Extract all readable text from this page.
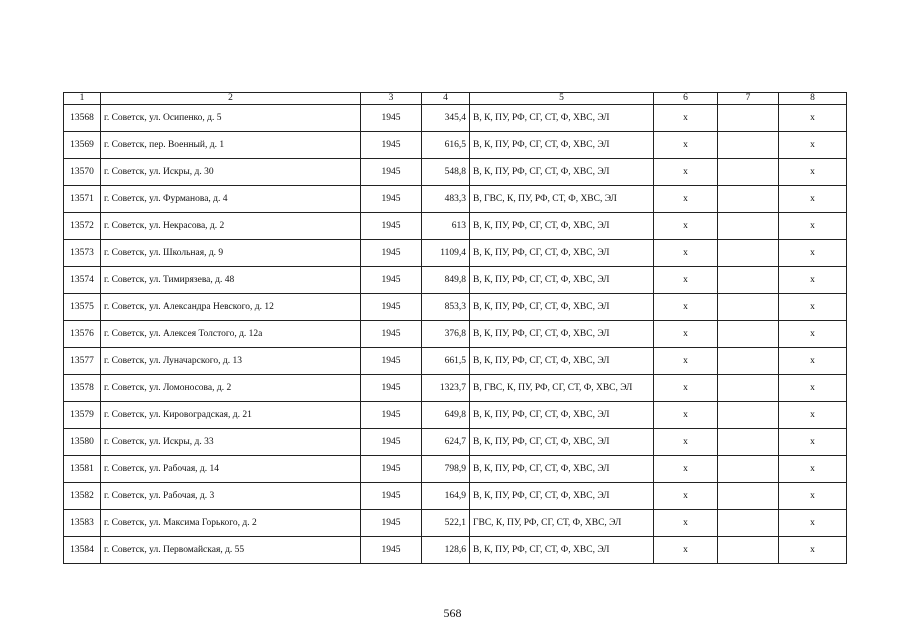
1	2	3	4	5	6	7	8
13568	г. Советск, ул. Осипенко, д. 5	1945	345,4	В, К, ПУ, РФ, СГ, СТ, Ф, ХВС, ЭЛ	х		х
13569	г. Советск, пер. Военный, д. 1	1945	616,5	В, К, ПУ, РФ, СГ, СТ, Ф, ХВС, ЭЛ	х		х
13570	г. Советск, ул. Искры, д. 30	1945	548,8	В, К, ПУ, РФ, СГ, СТ, Ф, ХВС, ЭЛ	х		х
13571	г. Советск, ул. Фурманова, д. 4	1945	483,3	В, ГВС, К, ПУ, РФ, СТ, Ф, ХВС, ЭЛ	х		х
13572	г. Советск, ул. Некрасова, д. 2	1945	613	В, К, ПУ, РФ, СГ, СТ, Ф, ХВС, ЭЛ	х		х
13573	г. Советск, ул. Школьная, д. 9	1945	1109,4	В, К, ПУ, РФ, СГ, СТ, Ф, ХВС, ЭЛ	х		х
13574	г. Советск, ул. Тимирязева, д. 48	1945	849,8	В, К, ПУ, РФ, СГ, СТ, Ф, ХВС, ЭЛ	х		х
13575	г. Советск, ул. Александра Невского, д. 12	1945	853,3	В, К, ПУ, РФ, СГ, СТ, Ф, ХВС, ЭЛ	х		х
13576	г. Советск, ул. Алексея Толстого, д. 12а	1945	376,8	В, К, ПУ, РФ, СГ, СТ, Ф, ХВС, ЭЛ	х		х
13577	г. Советск, ул. Луначарского, д. 13	1945	661,5	В, К, ПУ, РФ, СГ, СТ, Ф, ХВС, ЭЛ	х		х
13578	г. Советск, ул. Ломоносова, д. 2	1945	1323,7	В, ГВС, К, ПУ, РФ, СГ, СТ, Ф, ХВС, ЭЛ	х		х
13579	г. Советск, ул. Кировоградская, д. 21	1945	649,8	В, К, ПУ, РФ, СГ, СТ, Ф, ХВС, ЭЛ	х		х
13580	г. Советск, ул. Искры, д. 33	1945	624,7	В, К, ПУ, РФ, СГ, СТ, Ф, ХВС, ЭЛ	х		х
13581	г. Советск, ул. Рабочая, д. 14	1945	798,9	В, К, ПУ, РФ, СГ, СТ, Ф, ХВС, ЭЛ	х		х
13582	г. Советск, ул. Рабочая, д. 3	1945	164,9	В, К, ПУ, РФ, СГ, СТ, Ф, ХВС, ЭЛ	х		х
13583	г. Советск, ул. Максима Горького, д. 2	1945	522,1	ГВС, К, ПУ, РФ, СГ, СТ, Ф, ХВС, ЭЛ	х		х
13584	г. Советск, ул. Первомайская, д. 55	1945	128,6	В, К, ПУ, РФ, СГ, СТ, Ф, ХВС, ЭЛ	х		х
568
